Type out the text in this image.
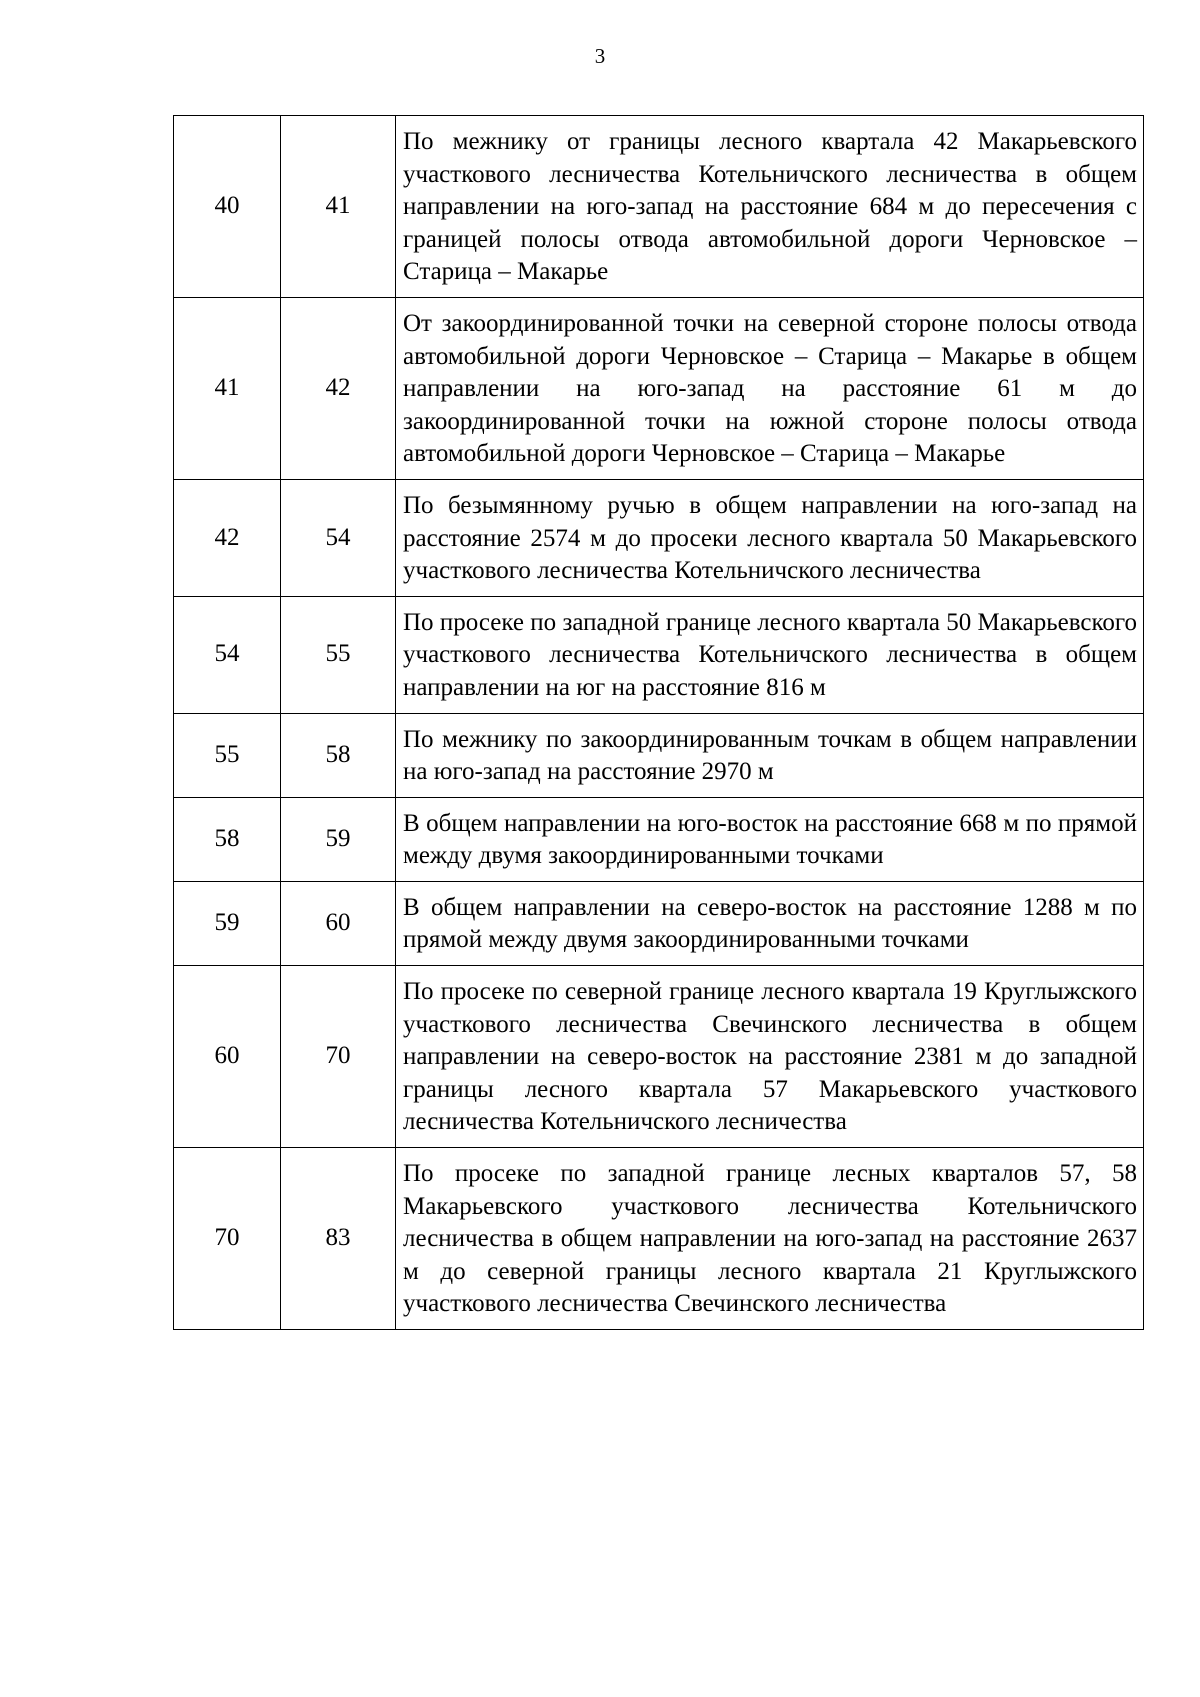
3
40	41	По межнику от границы лесного квартала 42 Макарьевского участкового лесничества Котельничского лесничества в общем направлении на юго-запад на расстояние 684 м до пересечения с границей полосы отвода автомобильной дороги Черновское – Старица – Макарье
41	42	От закоординированной точки на северной стороне полосы отвода автомобильной дороги Черновское – Старица – Макарье в общем направлении на юго-запад на расстояние 61 м до закоординированной точки на южной стороне полосы отвода автомобильной дороги Черновское – Старица – Макарье
42	54	По безымянному ручью в общем направлении на юго-запад на расстояние 2574 м до просеки лесного квартала 50 Макарьевского участкового лесничества Котельничского лесничества
54	55	По просеке по западной границе лесного квартала 50 Макарьевского участкового лесничества Котельничского лесничества в общем направлении на юг на расстояние 816 м
55	58	По межнику по закоординированным точкам в общем направлении на юго-запад на расстояние 2970 м
58	59	В общем направлении на юго-восток на расстояние 668 м по прямой между двумя закоординированными точками
59	60	В общем направлении на северо-восток на расстояние 1288 м по прямой между двумя закоординированными точками
60	70	По просеке по северной границе лесного квартала 19 Круглыжского участкового лесничества Свечинского лесничества в общем направлении на северо-восток на расстояние 2381 м до западной границы лесного квартала 57 Макарьевского участкового лесничества Котельничского лесничества
70	83	По просеке по западной границе лесных кварталов 57, 58 Макарьевского участкового лесничества Котельничского лесничества в общем направлении на юго-запад на расстояние 2637 м до северной границы лесного квартала 21 Круглыжского участкового лесничества Свечинского лесничества
